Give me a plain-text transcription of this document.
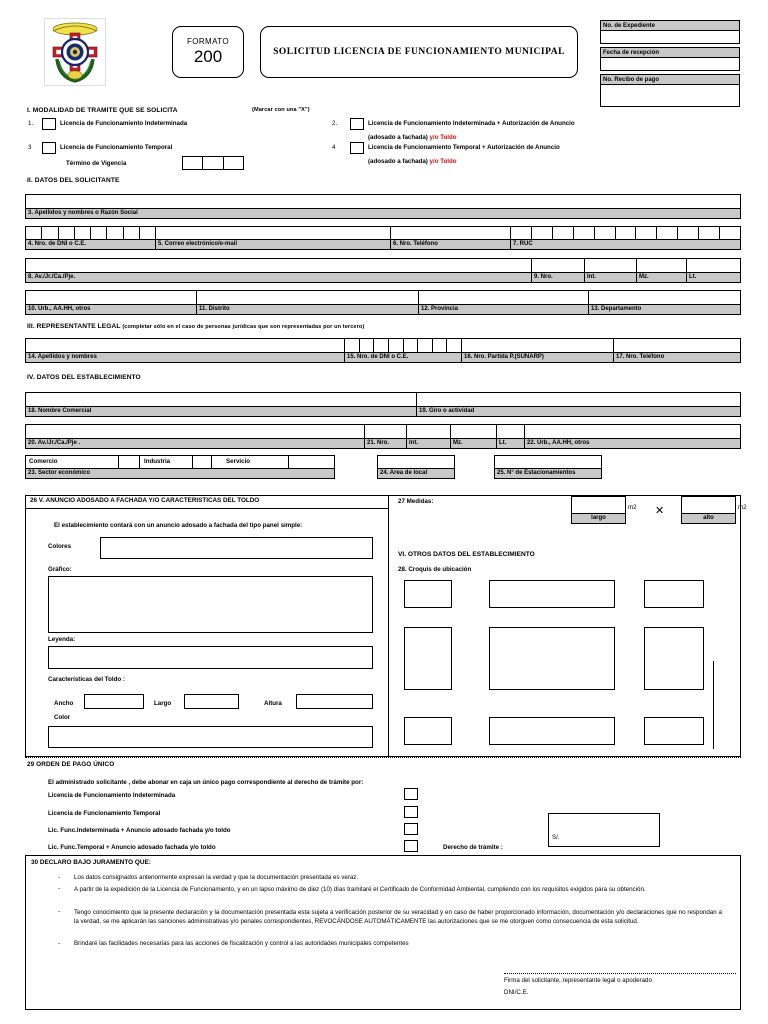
FORMATO
200	SOLICITUD LICENCIA DE FUNCIONAMIENTO MUNICIPAL
No. de Expediente
Fecha de recepción
No. Recibo de pago
I. MODALIDAD DE TRAMITE QUE SE SOLICITA	(Marcar con una "X")
1.	Licencia de Funcionamiento Indeterminada	2.	Licencia de Funcionamiento Indeterminada + Autorización de Anuncio
(adosado a fachada) y/o Toldo
3	Licencia de Funcionamiento Temporal	4	Licencia de Funcionamiento Temporal + Autorización de Anuncio
(adosado a fachada) y/o Toldo
Término de Vigencia
II. DATOS DEL SOLICITANTE
3. Apellidos y nombres o Razón Social
4. Nro. de DNI o C.E.	5. Correo electrónico/e-mail	6. Nro. Teléfono	7. RUC
8. Av./Jr./Ca./Pje.	9. Nro.	Int.	Mz.	Lt.
10. Urb., AA.HH, otros	11. Distrito	12. Provincia	13. Departamento
III. REPRESENTANTE LEGAL (completar sólo en el caso de personas jurídicas que son representadas por un tercero)
14. Apellidos y nombres	15. Nro. de DNI o C.E.	16. Nro. Partida P.(SUNARP)	17. Nro. Teléfono
IV. DATOS DEL ESTABLECIMIENTO
18. Nombre Comercial	19. Giro o actividad
20. Av./Jr./Ca./Pje .	21. Nro.	Int.	Mz.	Lt.	22. Urb., AA.HH, otros
Comercio	Industria	Servicio
23. Sector económico	24. Area de local	25. N° de Estacionamientos
26 V. ANUNCIO ADOSADO A FACHADA Y/O CARACTERISTICAS DEL TOLDO
El establecimiento contará con un anuncio adosado a fachada del tipo panel simple:
Colores
Gráfico:
Leyenda:
Características del Toldo :
Ancho	Largo	Altura
Color
27 Medidas:
largo
m2 ✕
alto
m2
VI. OTROS DATOS DEL ESTABLECIMIENTO
28. Croquis de ubicación
29 ORDEN DE PAGO ÚNICO
El administrado solicitante , debe abonar en caja un único pago correspondiente al derecho de trámite por:
Licencia de Funcionamiento Indeterminada
Licencia de Funcionamiento Temporal
Lic. Func.Indeterminada + Anuncio adosado fachada y/o toldo
Lic. Func.Temporal + Anuncio adosado fachada y/o toldo	Derecho de trámite :
S/.
30 DECLARO BAJO JURAMENTO QUE:
- Los datos consignados anteriormente expresan la verdad y que la documentación presentada es veraz.
- A partir de la expedición de la Licencia de Funcionamiento, y en un lapso máximo de diez (10) días tramitaré el Certificado de Conformidad Ambiental, cumpliendo con los requisitos exigidos para su obtención.
- Tengo conocimiento que la presente declaración y la documentación presentada esta sujeta a verificación posterior de su veracidad y en caso de haber proporcionado información, documentación y/o declaraciones que no respondan a la verdad, se me aplicarán las sanciones administrativas y/o penales correspondientes, REVOCÁNDOSE AUTOMÁTICAMENTE las autorizaciones que se me otorguen como consecuencia de esta solicitud.
- Brindaré las facilidades necesarias para las acciones de fiscalización y control a las autoridades municipales competentes
Firma del solicitante, representante legal o apoderado
DNI/C.E.
